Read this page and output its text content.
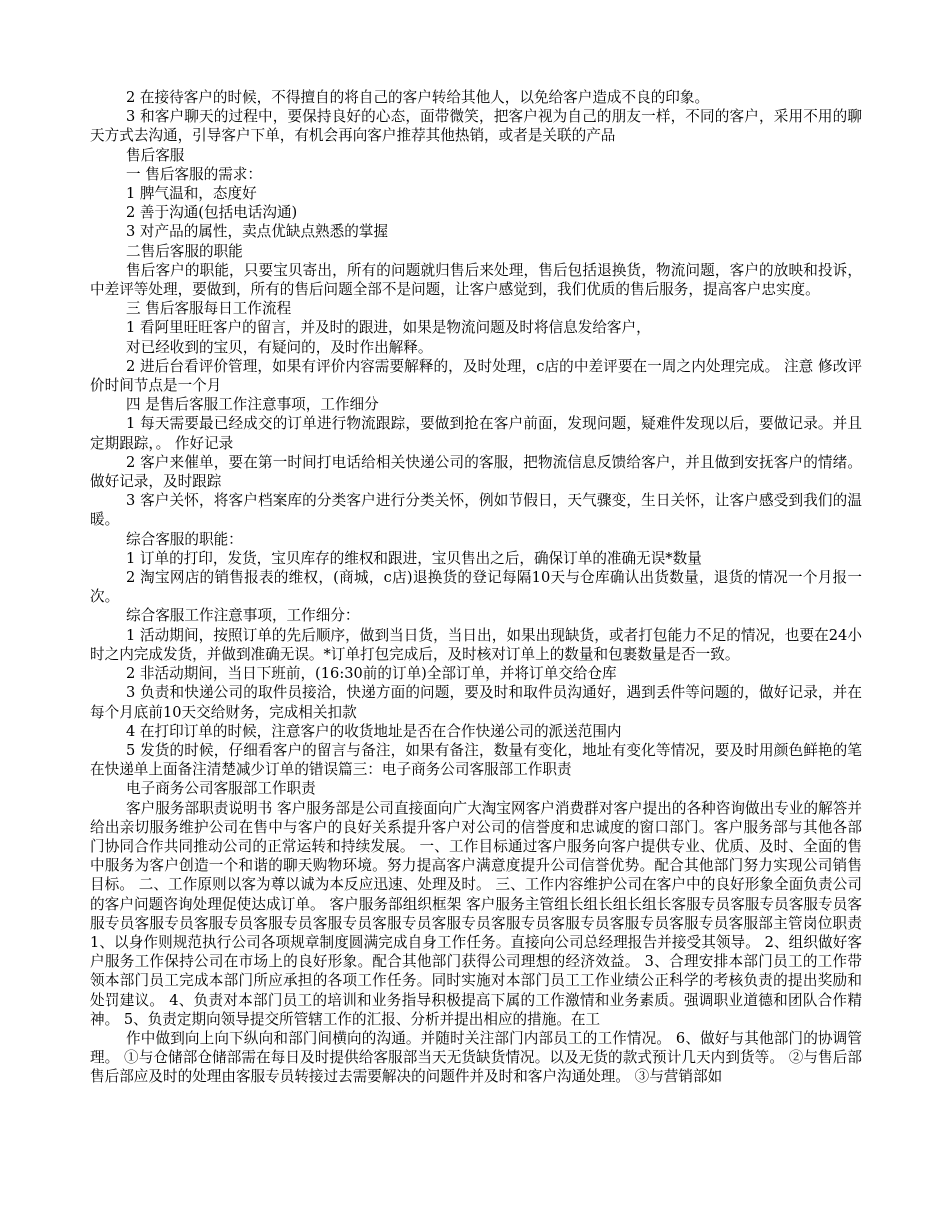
2 在接待客户的时候，不得擅自的将自己的客户转给其他人，以免给客户造成不良的印象。

3 和客户聊天的过程中，要保持良好的心态，面带微笑，把客户视为自己的朋友一样，不同的客户，采用不用的聊天方式去沟通，引导客户下单，有机会再向客户推荐其他热销，或者是关联的产品

售后客服

一 售后客服的需求：

1 脾气温和，态度好

2 善于沟通(包括电话沟通)

3 对产品的属性，卖点优缺点熟悉的掌握

二售后客服的职能

售后客户的职能，只要宝贝寄出，所有的问题就归售后来处理，售后包括退换货，物流问题，客户的放映和投诉，中差评等处理，要做到，所有的售后问题全部不是问题，让客户感觉到，我们优质的售后服务，提高客户忠实度。

三 售后客服每日工作流程

1 看阿里旺旺客户的留言，并及时的跟进，如果是物流问题及时将信息发给客户，

对已经收到的宝贝，有疑问的，及时作出解释。

2 进后台看评价管理，如果有评价内容需要解释的，及时处理，c店的中差评要在一周之内处理完成。 注意 修改评价时间节点是一个月

四 是售后客服工作注意事项，工作细分

1 每天需要最已经成交的订单进行物流跟踪，要做到抢在客户前面，发现问题，疑难件发现以后，要做记录。并且定期跟踪，。 作好记录

2 客户来催单，要在第一时间打电话给相关快递公司的客服，把物流信息反馈给客户，并且做到安抚客户的情绪。 做好记录，及时跟踪

3 客户关怀，将客户档案库的分类客户进行分类关怀，例如节假日，天气骤变，生日关怀，让客户感受到我们的温暖。

综合客服的职能：

1 订单的打印，发货，宝贝库存的维权和跟进，宝贝售出之后，确保订单的准确无误*数量

2 淘宝网店的销售报表的维权，(商城，c店)退换货的登记每隔10天与仓库确认出货数量，退货的情况一个月报一次。

综合客服工作注意事项，工作细分：

1 活动期间，按照订单的先后顺序，做到当日货，当日出，如果出现缺货，或者打包能力不足的情况，也要在24小时之内完成发货，并做到准确无误。*订单打包完成后，及时核对订单上的数量和包裹数量是否一致。

2 非活动期间，当日下班前，(16:30前的订单)全部订单，并将订单交给仓库

3 负责和快递公司的取件员接洽，快递方面的问题，要及时和取件员沟通好，遇到丢件等问题的，做好记录，并在每个月底前10天交给财务，完成相关扣款

4 在打印订单的时候，注意客户的收货地址是否在合作快递公司的派送范围内

5 发货的时候，仔细看客户的留言与备注，如果有备注，数量有变化，地址有变化等情况，要及时用颜色鲜艳的笔在快递单上面备注清楚减少订单的错误篇三：电子商务公司客服部工作职责

电子商务公司客服部工作职责

客户服务部职责说明书 客户服务部是公司直接面向广大淘宝网客户消费群对客户提出的各种咨询做出专业的解答并给出亲切服务维护公司在售中与客户的良好关系提升客户对公司的信誉度和忠诚度的窗口部门。客户服务部与其他各部门协同合作共同推动公司的正常运转和持续发展。 一、工作目标通过客户服务向客户提供专业、优质、及时、全面的售中服务为客户创造一个和谐的聊天购物环境。努力提高客户满意度提升公司信誉优势。配合其他部门努力实现公司销售目标。 二、工作原则以客为尊以诚为本反应迅速、处理及时。 三、工作内容维护公司在客户中的良好形象全面负责公司的客户问题咨询处理促使达成订单。 客户服务部组织框架 客户服务主管组长组长组长组长客服专员客服专员客服专员客服专员客服专员客服专员客服专员客服专员客服专员客服专员客服专员客服专员客服专员客服专员客服部主管岗位职责 1、以身作则规范执行公司各项规章制度圆满完成自身工作任务。直接向公司总经理报告并接受其领导。 2、组织做好客户服务工作保持公司在市场上的良好形象。配合其他部门获得公司理想的经济效益。 3、合理安排本部门员工的工作带领本部门员工完成本部门所应承担的各项工作任务。同时实施对本部门员工工作业绩公正科学的考核负责的提出奖励和处罚建议。 4、负责对本部门员工的培训和业务指导积极提高下属的工作激情和业务素质。强调职业道德和团队合作精神。 5、负责定期向领导提交所管辖工作的汇报、分析并提出相应的措施。在工

作中做到向上向下纵向和部门间横向的沟通。并随时关注部门内部员工的工作情况。 6、做好与其他部门的协调管理。 ①与仓储部仓储部需在每日及时提供给客服部当天无货缺货情况。以及无货的款式预计几天内到货等。 ②与售后部售后部应及时的处理由客服专员转接过去需要解决的问题件并及时和客户沟通处理。 ③与营销部如
